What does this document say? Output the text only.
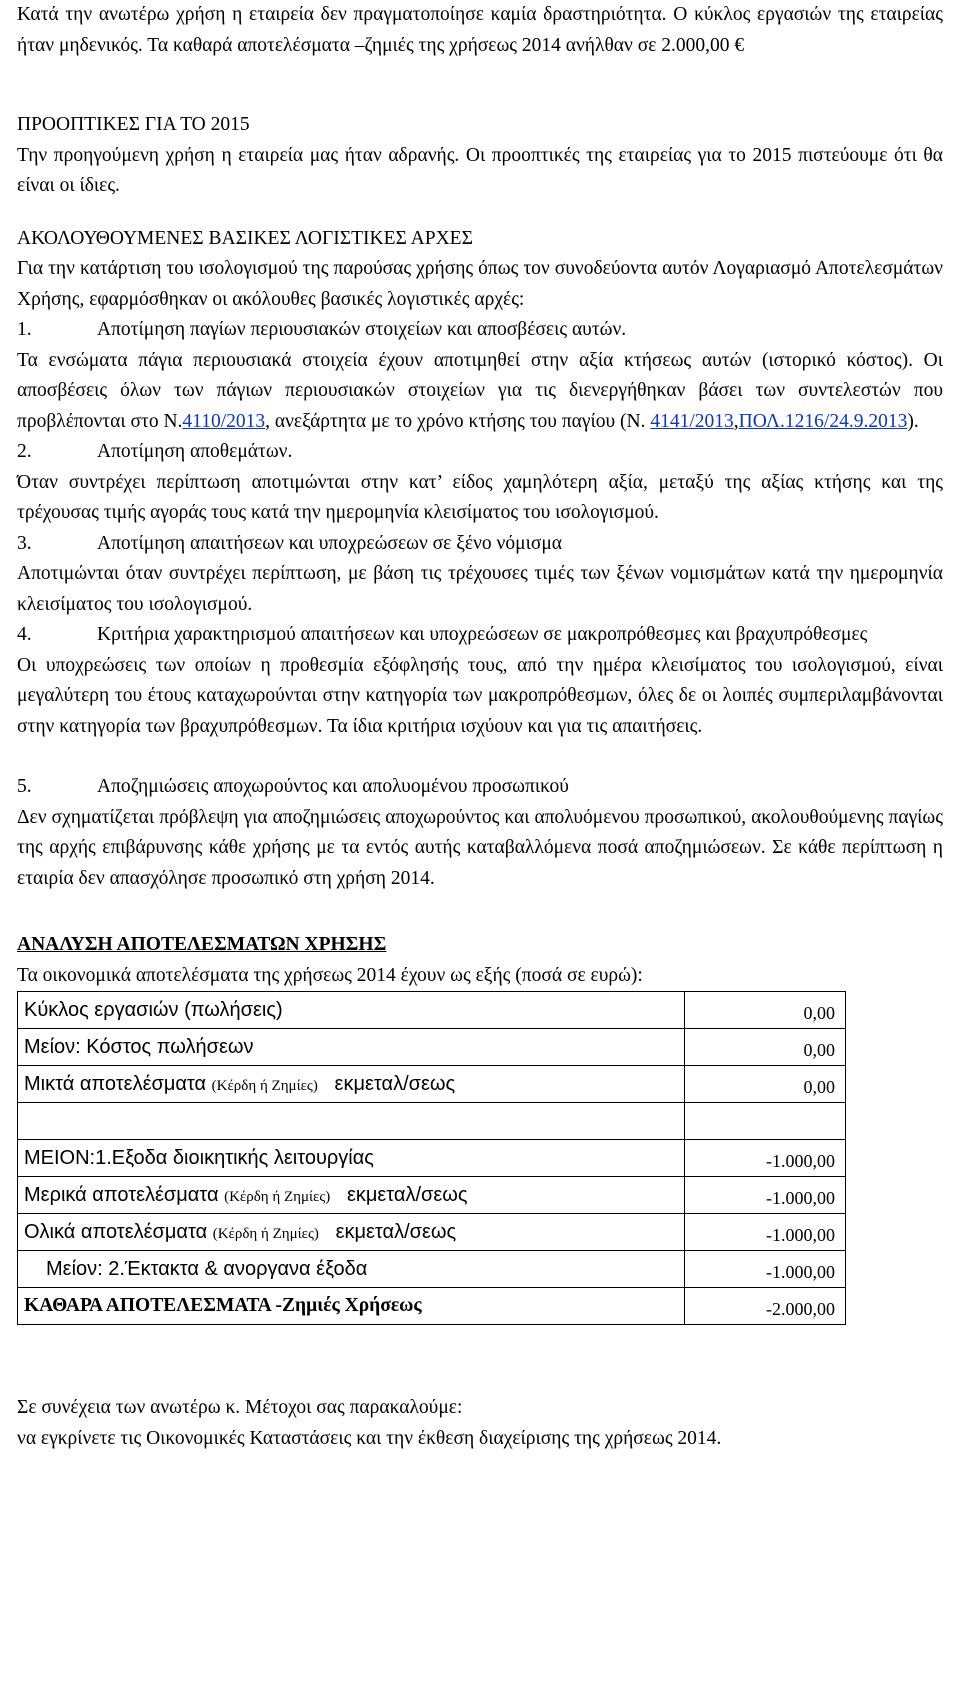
Κατά την ανωτέρω χρήση η εταιρεία δεν πραγματοποίησε καμία δραστηριότητα. Ο κύκλος εργασιών της εταιρείας ήταν μηδενικός. Τα καθαρά αποτελέσματα –ζημιές της χρήσεως 2014 ανήλθαν σε 2.000,00 €

ΠΡΟΟΠΤΙΚΕΣ ΓΙΑ ΤΟ 2015

Την προηγούμενη χρήση η εταιρεία μας ήταν αδρανής. Οι προοπτικές της εταιρείας για το 2015 πιστεύουμε ότι θα είναι οι ίδιες.

ΑΚΟΛΟΥΘΟΥΜΕΝΕΣ ΒΑΣΙΚΕΣ ΛΟΓΙΣΤΙΚΕΣ ΑΡΧΕΣ

Για την κατάρτιση του ισολογισμού της παρούσας χρήσης όπως τον συνοδεύοντα αυτόν Λογαριασμό Αποτελεσμάτων Χρήσης, εφαρμόσθηκαν οι ακόλουθες βασικές λογιστικές αρχές:

1.	Αποτίμηση παγίων περιουσιακών στοιχείων και αποσβέσεις αυτών.

Τα ενσώματα πάγια περιουσιακά στοιχεία έχουν αποτιμηθεί στην αξία κτήσεως αυτών (ιστορικό κόστος). Οι αποσβέσεις όλων των πάγιων περιουσιακών στοιχείων για τις διενεργήθηκαν βάσει των συντελεστών που προβλέπονται στο Ν.4110/2013, ανεξάρτητα με το χρόνο κτήσης του παγίου (Ν. 4141/2013,ΠΟΛ.1216/24.9.2013).

2.	Αποτίμηση αποθεμάτων.

Όταν συντρέχει περίπτωση αποτιμώνται στην κατ’ είδος χαμηλότερη αξία, μεταξύ της αξίας κτήσης και της τρέχουσας τιμής αγοράς τους κατά την ημερομηνία κλεισίματος του ισολογισμού.

3.	Αποτίμηση απαιτήσεων και υποχρεώσεων σε ξένο νόμισμα

Αποτιμώνται όταν συντρέχει περίπτωση, με βάση τις τρέχουσες τιμές των ξένων νομισμάτων κατά την ημερομηνία κλεισίματος του ισολογισμού.

4.	Κριτήρια χαρακτηρισμού απαιτήσεων και υποχρεώσεων σε μακροπρόθεσμες και βραχυπρόθεσμες

Οι υποχρεώσεις των οποίων η προθεσμία εξόφλησής τους, από την ημέρα κλεισίματος του ισολογισμού, είναι μεγαλύτερη του έτους καταχωρούνται στην κατηγορία των μακροπρόθεσμων, όλες δε οι λοιπές συμπεριλαμβάνονται στην κατηγορία των βραχυπρόθεσμων. Τα ίδια κριτήρια ισχύουν και για τις απαιτήσεις.

5.	Αποζημιώσεις αποχωρούντος και απολυομένου προσωπικού

Δεν σχηματίζεται πρόβλεψη για αποζημιώσεις αποχωρούντος και απολυόμενου προσωπικού, ακολουθούμενης παγίως της αρχής επιβάρυνσης κάθε χρήσης με τα εντός αυτής καταβαλλόμενα ποσά αποζημιώσεων. Σε κάθε περίπτωση η εταιρία δεν απασχόλησε προσωπικό στη χρήση 2014.

ΑΝΑΛΥΣΗ ΑΠΟΤΕΛΕΣΜΑΤΩΝ ΧΡΗΣΗΣ

Τα οικονομικά αποτελέσματα της χρήσεως 2014 έχουν ως εξής (ποσά σε ευρώ):

Κύκλος εργασιών (πωλήσεις)	0,00
Μείον: Κόστος πωλήσεων	0,00
Μικτά αποτελέσματα (Κέρδη ή Ζημίες) εκμεταλ/σεως	0,00

ΜΕΙΟΝ:1.Εξοδα διοικητικής λειτουργίας	-1.000,00
Μερικά αποτελέσματα (Κέρδη ή Ζημίες) εκμεταλ/σεως	-1.000,00
Ολικά αποτελέσματα (Κέρδη ή Ζημίες) εκμεταλ/σεως	-1.000,00
Μείον: 2.Έκτακτα & ανοργανα έξοδα	-1.000,00
ΚΑΘΑΡΑ ΑΠΟΤΕΛΕΣΜΑΤΑ -Ζημιές Χρήσεως	-2.000,00

Σε συνέχεια των ανωτέρω κ. Μέτοχοι σας παρακαλούμε:

να εγκρίνετε τις Οικονομικές Καταστάσεις και την έκθεση διαχείρισης της χρήσεως 2014.
